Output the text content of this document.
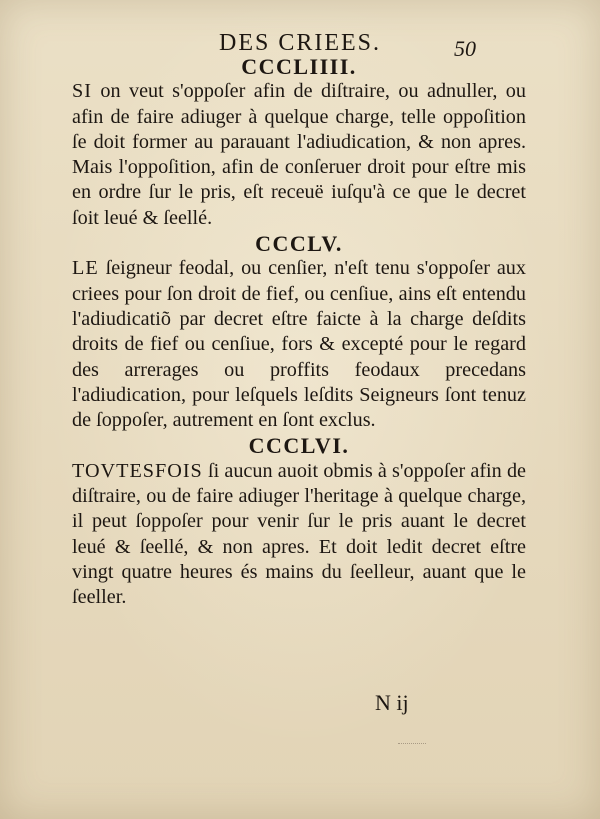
DES CRIEES.	50
CCCLIIII.

SI on veut s'oppoſer afin de diſtraire, ou adnuller, ou afin de faire adiuger à quelque charge, telle oppoſition ſe doit former au parauant l'adiudication, & non apres. Mais l'oppoſition, afin de conſeruer droit pour eſtre mis en ordre ſur le pris, eſt receuë iuſqu'à ce que le decret ſoit leué & ſeellé.

CCCLV.

LE ſeigneur feodal, ou cenſier, n'eſt tenu s'oppoſer aux criees pour ſon droit de fief, ou cenſiue, ains eſt entendu l'adiudicatiõ par decret eſtre faicte à la charge deſdits droits de fief ou cenſiue, fors & excepté pour le regard des arrerages ou proffits feodaux precedans l'adiudication, pour leſquels leſdits Seigneurs ſont tenuz de ſoppoſer, autrement en ſont exclus.

CCCLVI.

TOVTESFOIS ſi aucun auoit obmis à s'oppoſer afin de diſtraire, ou de faire adiuger l'heritage à quelque charge, il peut ſoppoſer pour venir ſur le pris auant le decret leué & ſeellé, & non apres. Et doit ledit decret eſtre vingt quatre heures és mains du ſeelleur, auant que le ſeeller.

N ij
